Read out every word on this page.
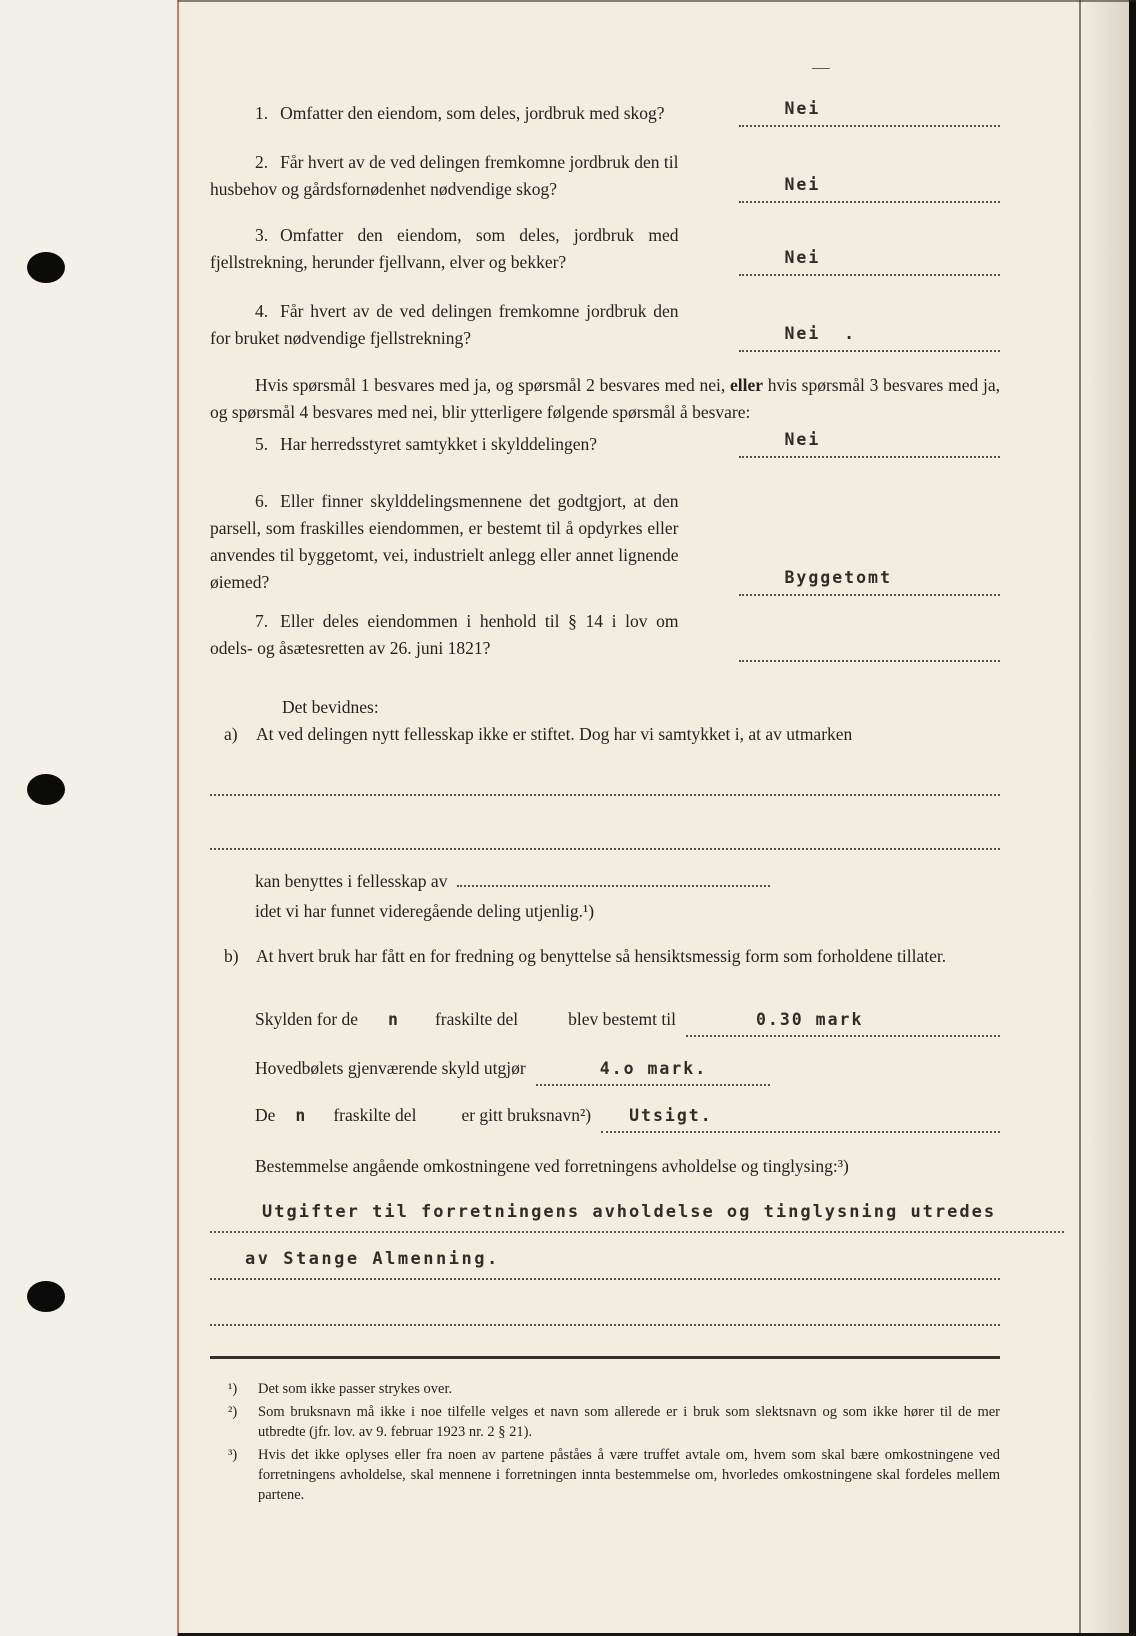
—

1. Omfatter den eiendom, som deles, jordbruk med skog?	Nei

2. Får hvert av de ved delingen fremkomne jordbruk den til husbehov og gårdsfornødenhet nødvendige skog?	Nei

3. Omfatter den eiendom, som deles, jordbruk med fjellstrekning, herunder fjellvann, elver og bekker?	Nei

4. Får hvert av de ved delingen fremkomne jordbruk den for bruket nødvendige fjellstrekning?	Nei  .

Hvis spørsmål 1 besvares med ja, og spørsmål 2 besvares med nei, eller hvis spørsmål 3 besvares med ja, og spørsmål 4 besvares med nei, blir ytterligere følgende spørsmål å besvare:

5. Har herredsstyret samtykket i skylddelingen?	Nei

6. Eller finner skylddelingsmennene det godtgjort, at den parsell, som fraskilles eiendommen, er bestemt til å opdyrkes eller anvendes til byggetomt, vei, industrielt anlegg eller annet lignende øiemed?	Byggetomt

7. Eller deles eiendommen i henhold til § 14 i lov om odels- og åsætesretten av 26. juni 1821?

Det bevidnes:

a) At ved delingen nytt fellesskap ikke er stiftet. Dog har vi samtykket i, at av utmarken

kan benyttes i fellesskap av

idet vi har funnet videregående deling utjenlig.¹)

b) At hvert bruk har fått en for fredning og benyttelse så hensiktsmessig form som forholdene tillater.

Skylden for de n fraskilte del	blev bestemt til	0.30 mark
Hovedbølets gjenværende skyld utgjør	4.o mark.
De n fraskilte del	er gitt bruksnavn²)	Utsigt.

Bestemmelse angående omkostningene ved forretningens avholdelse og tinglysing:³)

Utgifter til forretningens avholdelse og tinglysning utredes
av Stange Almenning.
¹)	Det som ikke passer strykes over.
²)	Som bruksnavn må ikke i noe tilfelle velges et navn som allerede er i bruk som slektsnavn og som ikke hører til de mer utbredte (jfr. lov. av 9. februar 1923 nr. 2 § 21).
³)	Hvis det ikke oplyses eller fra noen av partene påståes å være truffet avtale om, hvem som skal bære omkostningene ved forretningens avholdelse, skal mennene i forretningen innta bestemmelse om, hvorledes omkostningene skal fordeles mellem partene.
